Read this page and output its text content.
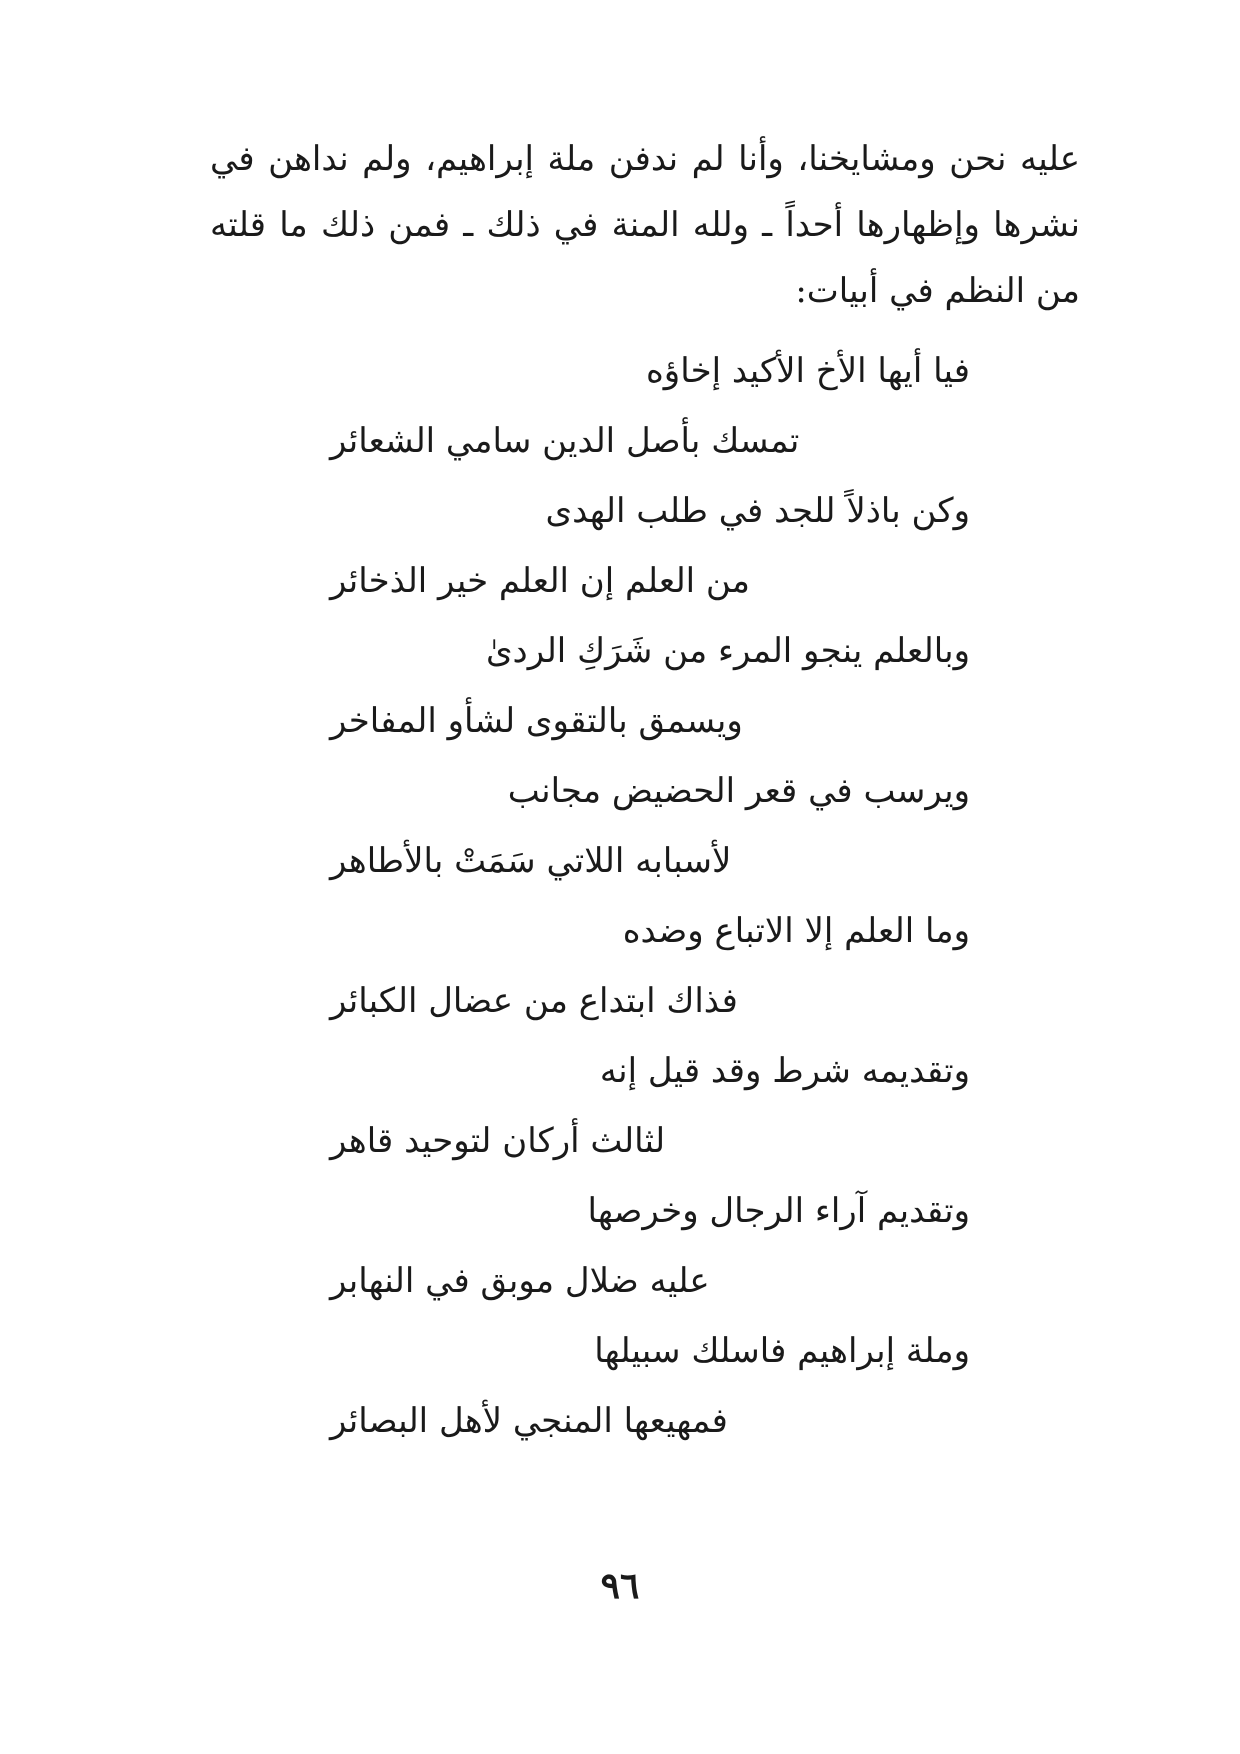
عليه نحن ومشايخنا، وأنا لم ندفن ملة إبراهيم، ولم نداهن في نشرها وإظهارها أحداً ـ ولله المنة في ذلك ـ فمن ذلك ما قلته من النظم في أبيات:

فيا أيها الأخ الأكيد إخاؤه
تمسك بأصل الدين سامي الشعائر
وكن باذلاً للجد في طلب الهدى
من العلم إن العلم خير الذخائر
وبالعلم ينجو المرء من شَرَكِ الردىٰ
ويسمق بالتقوى لشأو المفاخر
ويرسب في قعر الحضيض مجانب
لأسبابه اللاتي سَمَتْ بالأطاهر
وما العلم إلا الاتباع وضده
فذاك ابتداع من عضال الكبائر
وتقديمه شرط وقد قيل إنه
لثالث أركان لتوحيد قاهر
وتقديم آراء الرجال وخرصها
عليه ضلال موبق في النهابر
وملة إبراهيم فاسلك سبيلها
فمهيعها المنجي لأهل البصائر
٩٦
